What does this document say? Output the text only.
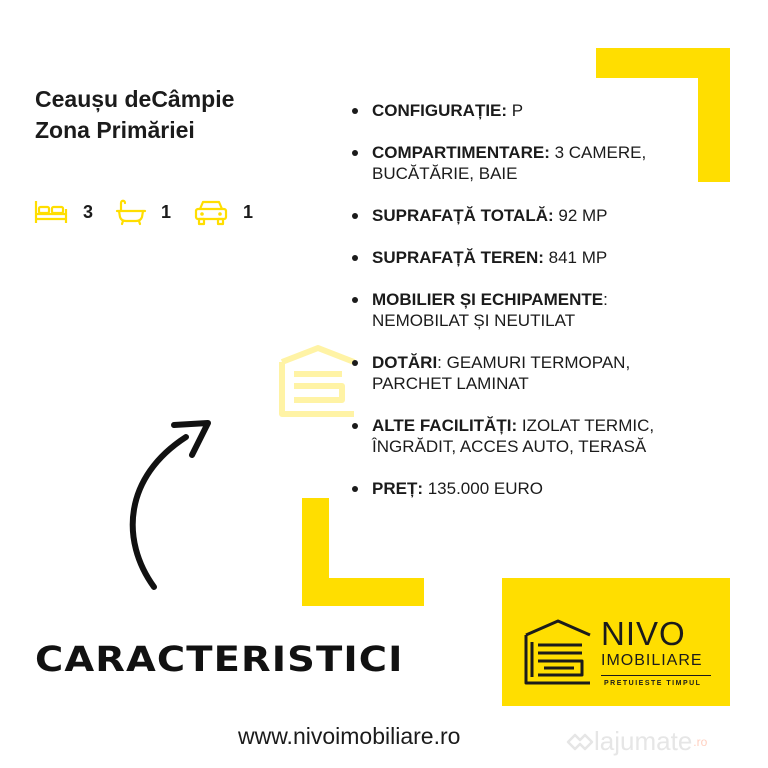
Ceaușu deCâmpie
Zona Primăriei
3	1	1
CONFIGURAȚIE: P
COMPARTIMENTARE: 3 CAMERE, BUCĂTĂRIE, BAIE
SUPRAFAȚĂ TOTALĂ: 92 MP
SUPRAFAȚĂ TEREN: 841 MP
MOBILIER ȘI ECHIPAMENTE: NEMOBILAT ȘI NEUTILAT
DOTĂRI: GEAMURI TERMOPAN, PARCHET LAMINAT
ALTE FACILITĂȚI: IZOLAT TERMIC, ÎNGRĂDIT, ACCES AUTO, TERASĂ
PREȚ: 135.000 EURO
CARACTERISTICI
NIVO
IMOBILIARE
PRETUIESTE TIMPUL
www.nivoimobiliare.ro	lajumate .ro
